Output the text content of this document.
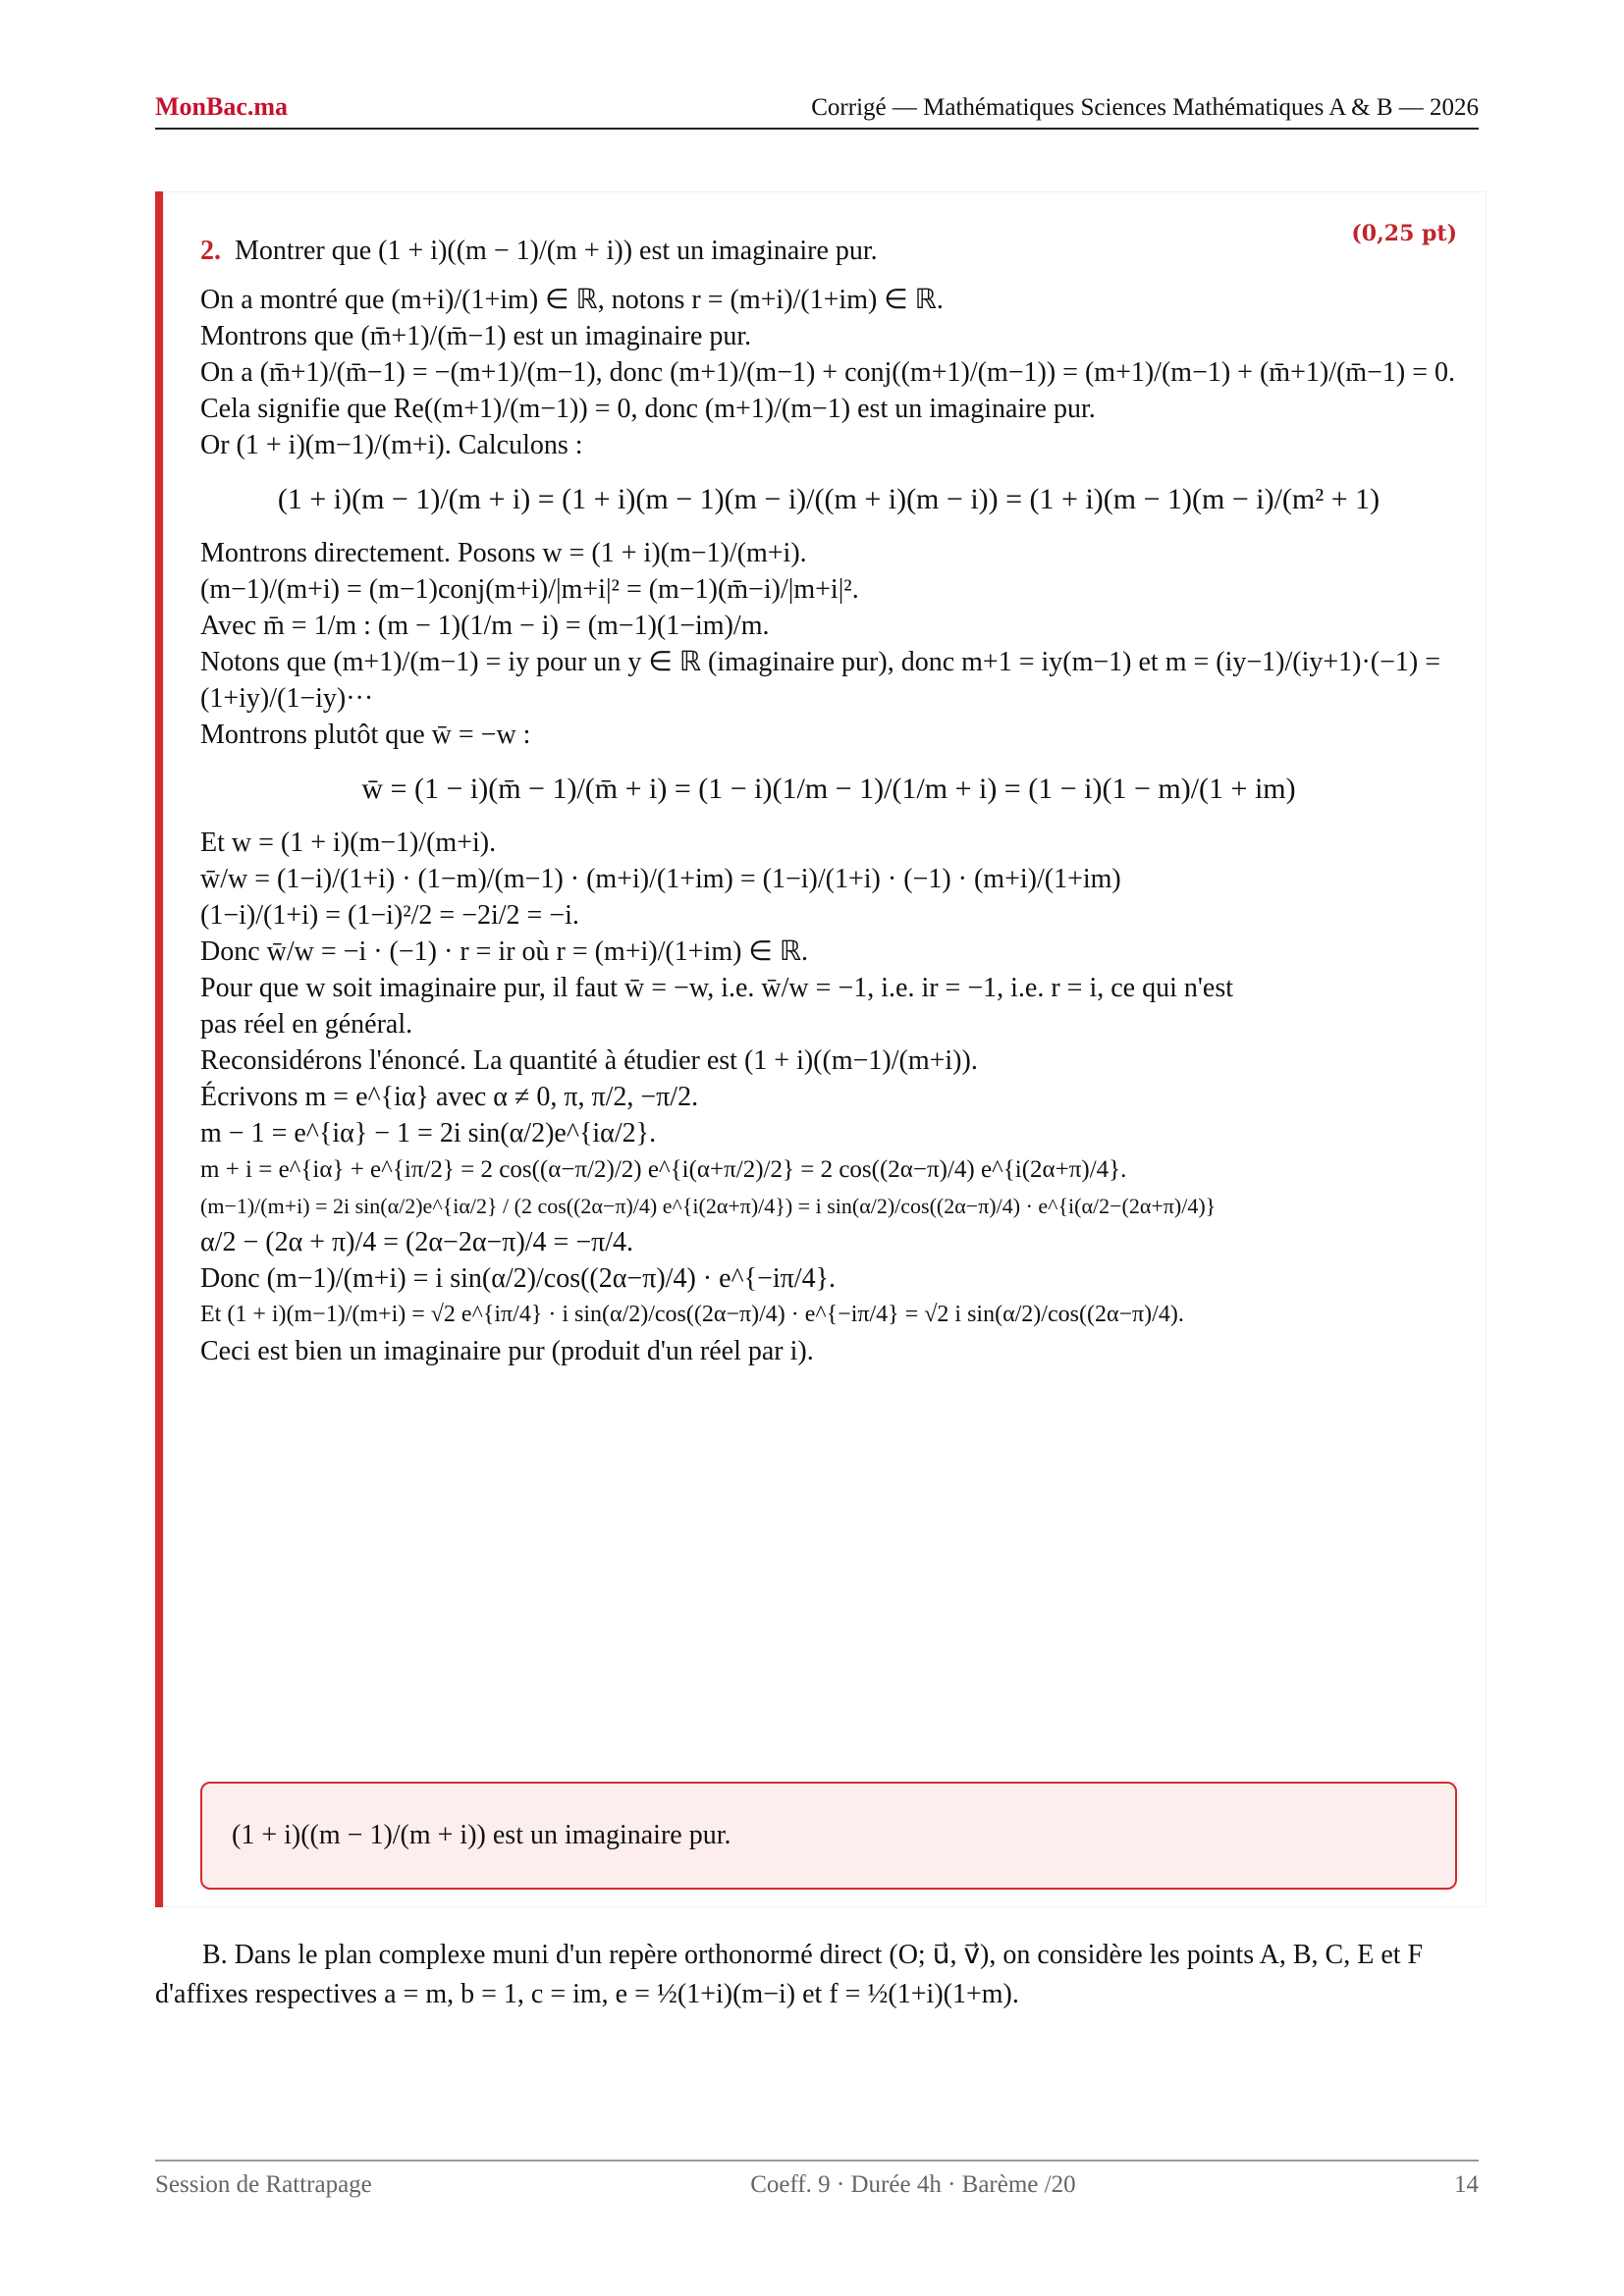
MonBac.ma	Corrigé — Mathématiques Sciences Mathématiques A & B — 2026
2. Montrer que (1 + i)((m − 1)/(m + i)) est un imaginaire pur.
On a montré que (m+i)/(1+im) ∈ ℝ, notons r = (m+i)/(1+im) ∈ ℝ.
Montrons que (m̄+1)/(m̄−1) est un imaginaire pur.
On a (m̄+1)/(m̄−1) = −(m+1)/(m−1), donc (m+1)/(m−1) + conj((m+1)/(m−1)) = (m+1)/(m−1) + (m̄+1)/(m̄−1) = 0.
Cela signifie que Re((m+1)/(m−1)) = 0, donc (m+1)/(m−1) est un imaginaire pur.
Or (1 + i)(m−1)/(m+i). Calculons :
(1 + i)(m − 1)/(m + i) = (1 + i)(m − 1)(m − i)/((m + i)(m − i)) = (1 + i)(m − 1)(m − i)/(m² + 1)
Montrons directement. Posons w = (1 + i)(m−1)/(m+i).
(m−1)/(m+i) = (m−1)conj(m+i)/|m+i|² = (m−1)(m̄−i)/|m+i|².
Avec m̄ = 1/m : (m − 1)(1/m − i) = (m−1)(1−im)/m.
Notons que (m+1)/(m−1) = iy pour un y ∈ ℝ (imaginaire pur), donc m+1 = iy(m−1) et m = (iy−1)/(iy+1)·(−1) =
(1+iy)/(1−iy)···
Montrons plutôt que w̄ = −w :
w̄ = (1 − i)(m̄ − 1)/(m̄ + i) = (1 − i)(1/m − 1)/(1/m + i) = (1 − i)(1 − m)/(1 + im)
Et w = (1 + i)(m−1)/(m+i).
w̄/w = (1−i)/(1+i) · (1−m)/(m−1) · (m+i)/(1+im) = (1−i)/(1+i) · (−1) · (m+i)/(1+im)
(1−i)/(1+i) = (1−i)²/2 = −2i/2 = −i.
Donc w̄/w = −i · (−1) · r = ir où r = (m+i)/(1+im) ∈ ℝ.
Pour que w soit imaginaire pur, il faut w̄ = −w, i.e. w̄/w = −1, i.e. ir = −1, i.e. r = i, ce qui n'est
pas réel en général.
Reconsidérons l'énoncé. La quantité à étudier est (1 + i)((m−1)/(m+i)).
Écrivons m = e^{iα} avec α ≠ 0, π, π/2, −π/2.
m − 1 = e^{iα} − 1 = 2i sin(α/2)e^{iα/2}.
m + i = e^{iα} + e^{iπ/2} = 2 cos((α−π/2)/2) e^{i(α+π/2)/2} = 2 cos((2α−π)/4) e^{i(2α+π)/4}.
(m−1)/(m+i) = 2i sin(α/2)e^{iα/2} / (2 cos((2α−π)/4) e^{i(2α+π)/4}) = i sin(α/2)/cos((2α−π)/4) · e^{i(α/2−(2α+π)/4)}
α/2 − (2α + π)/4 = (2α−2α−π)/4 = −π/4.
Donc (m−1)/(m+i) = i sin(α/2)/cos((2α−π)/4) · e^{−iπ/4}.
Et (1 + i)(m−1)/(m+i) = √2 e^{iπ/4} · i sin(α/2)/cos((2α−π)/4) · e^{−iπ/4} = √2 i sin(α/2)/cos((2α−π)/4).
Ceci est bien un imaginaire pur (produit d'un réel par i).
(0,25 pt)
(1 + i)((m − 1)/(m + i)) est un imaginaire pur.
B. Dans le plan complexe muni d'un repère orthonormé direct (O; u⃗, v⃗), on considère les points A, B, C, E et F d'affixes respectives a = m, b = 1, c = im, e = ½(1+i)(m−i) et f = ½(1+i)(1+m).
Session de Rattrapage	Coeff. 9 · Durée 4h · Barème /20	14
